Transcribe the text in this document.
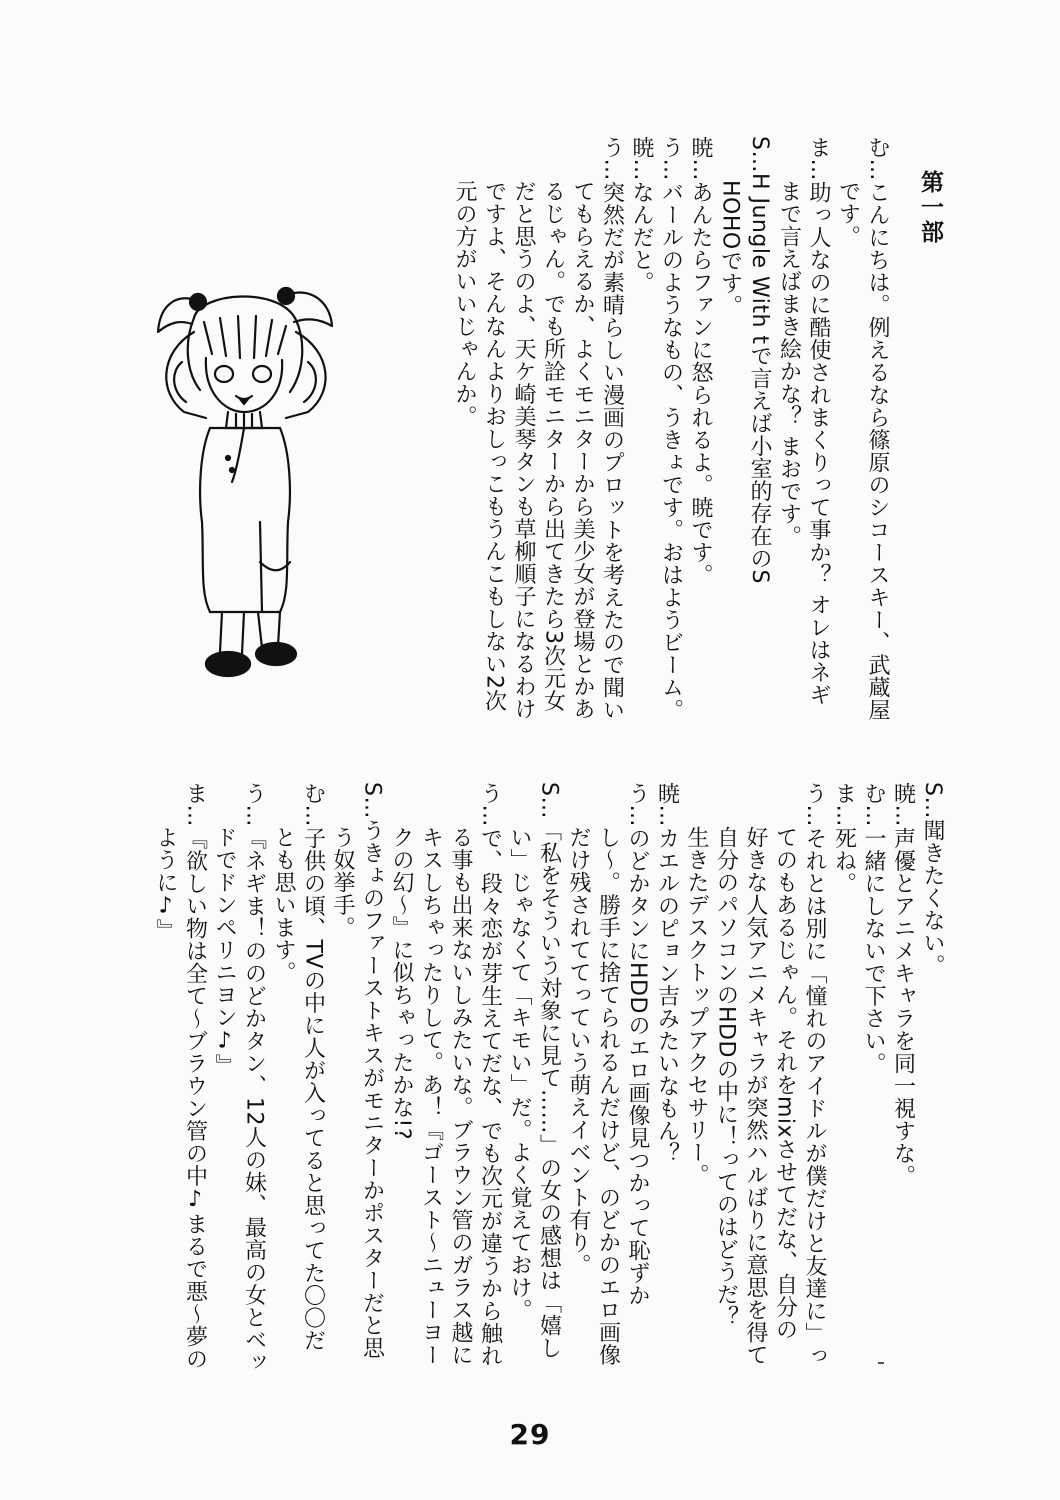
第一部
む…こんにちは。例えるなら篠原のシコースキー、武蔵屋
です。
ま…助っ人なのに酷使されまくりって事か？ オレはネギ
まで言えばまき絵かな？ まおです。
S…H Jungle With tで言えば小室的存在のS
HOHOです。
暁…あんたらファンに怒られるよ。暁です。
う…バールのようなもの、うきょです。おはようビーム。
暁…なんだと。
う…突然だが素晴らしい漫画のプロットを考えたので聞い
てもらえるか、よくモニターから美少女が登場とかあ
るじゃん。でも所詮モニターから出てきたら3次元女
だと思うのよ、天ケ崎美琴タンも草柳順子になるわけ
ですよ、そんなんよりおしっこもうんこもしない2次
元の方がいいじゃんか。
S…聞きたくない。
暁…声優とアニメキャラを同一視すな。
む…一緒にしないで下さい。
ま…死ね。
う…それとは別に「憧れのアイドルが僕だけと友達に」っ
てのもあるじゃん。それをmixさせてだな、自分の
好きな人気アニメキャラが突然ハルばりに意思を得て
自分のパソコンのHDDの中に！ってのはどうだ？
生きたデスクトップアクセサリー。
暁…カエルのピョン吉みたいなもん？
う…のどかタンにHDDのエロ画像見つかって恥ずか
し～。勝手に捨てられるんだけど、のどかのエロ画像
だけ残されててっていう萌えイベント有り。
S…「私をそういう対象に見て……」の女の感想は「嬉し
い」じゃなくて「キモい」だ。よく覚えておけ。
う…で、段々恋が芽生えてだな、でも次元が違うから触れ
る事も出来ないしみたいな。ブラウン管のガラス越に
キスしちゃったりして。あ！『ゴースト～ニューヨー
クの幻～』に似ちゃったかな!?
S…うきょのファーストキスがモニターかポスターだと思
う奴挙手。
む…子供の頃、TVの中に人が入ってると思ってた〇〇だ
とも思います。
う…『ネギま！ののどかタン、12人の妹、最高の女とベッ
ドでドンペリニヨン♪』
ま…『欲しい物は全て～ブラウン管の中♪まるで悪～夢の
ように♪』
29
